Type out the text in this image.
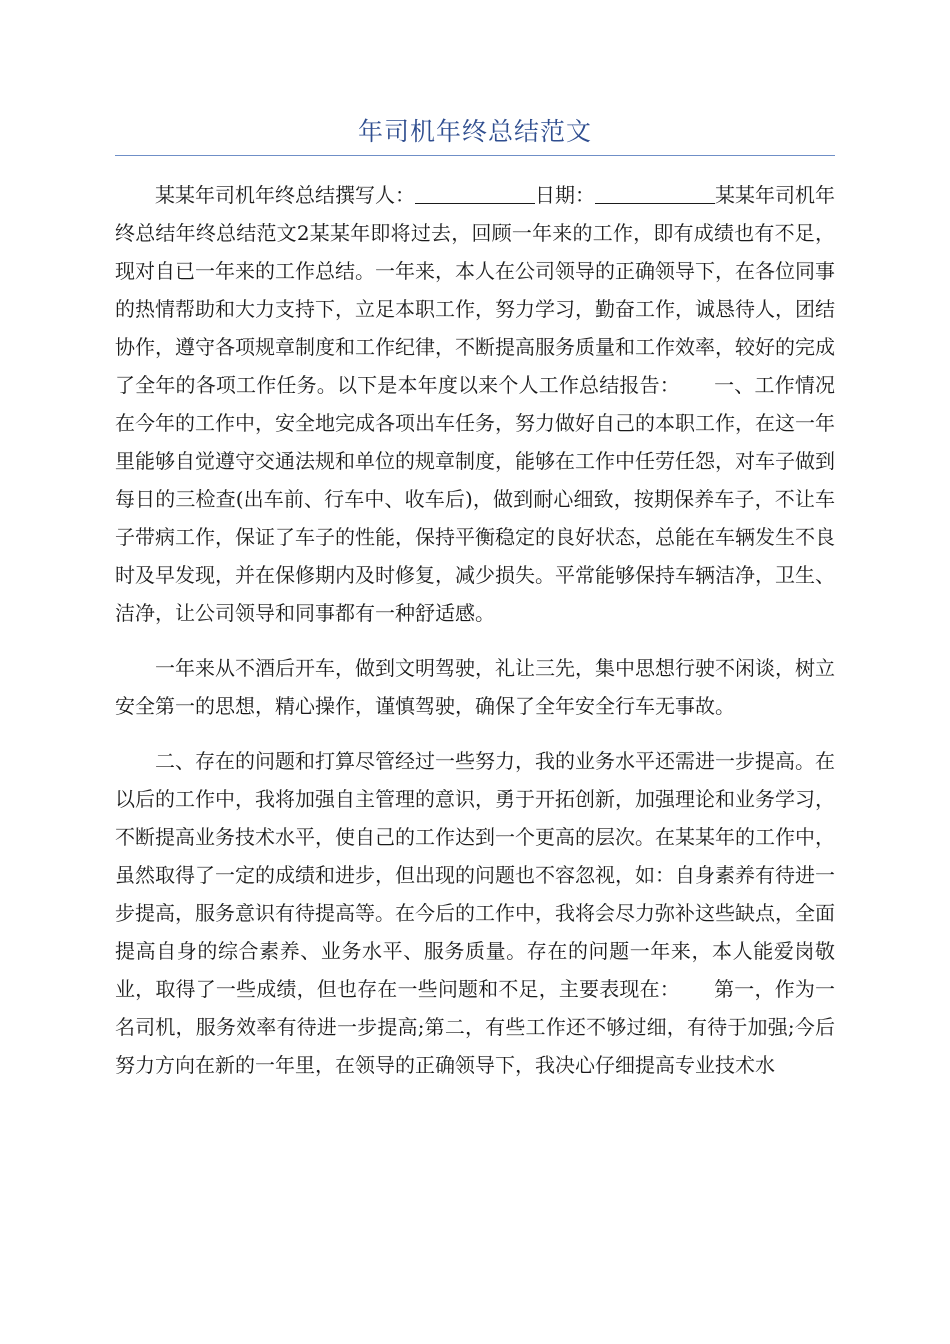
年司机年终总结范文

某某年司机年终总结撰写人：	日期：	某某年司机年终总结年终总结范文2某某年即将过去，回顾一年来的工作，即有成绩也有不足，现对自已一年来的工作总结。一年来，本人在公司领导的正确领导下，在各位同事的热情帮助和大力支持下，立足本职工作，努力学习，勤奋工作，诚恳待人，团结协作，遵守各项规章制度和工作纪律，不断提高服务质量和工作效率，较好的完成了全年的各项工作任务。以下是本年度以来个人工作总结报告： 一、工作情况在今年的工作中，安全地完成各项出车任务，努力做好自己的本职工作，在这一年里能够自觉遵守交通法规和单位的规章制度，能够在工作中任劳任怨，对车子做到每日的三检查(出车前、行车中、收车后)，做到耐心细致，按期保养车子，不让车子带病工作，保证了车子的性能，保持平衡稳定的良好状态，总能在车辆发生不良时及早发现，并在保修期内及时修复，减少损失。平常能够保持车辆洁净，卫生、洁净，让公司领导和同事都有一种舒适感。

一年来从不酒后开车，做到文明驾驶，礼让三先，集中思想行驶不闲谈，树立安全第一的思想，精心操作，谨慎驾驶，确保了全年安全行车无事故。

二、存在的问题和打算尽管经过一些努力，我的业务水平还需进一步提高。在以后的工作中，我将加强自主管理的意识，勇于开拓创新，加强理论和业务学习，不断提高业务技术水平，使自己的工作达到一个更高的层次。在某某年的工作中，虽然取得了一定的成绩和进步，但出现的问题也不容忽视，如：自身素养有待进一步提高，服务意识有待提高等。在今后的工作中，我将会尽力弥补这些缺点，全面提高自身的综合素养、业务水平、服务质量。存在的问题一年来，本人能爱岗敬业，取得了一些成绩，但也存在一些问题和不足，主要表现在： 第一，作为一名司机，服务效率有待进一步提高;第二，有些工作还不够过细，有待于加强;今后努力方向在新的一年里，在领导的正确领导下，我决心仔细提高专业技术水
